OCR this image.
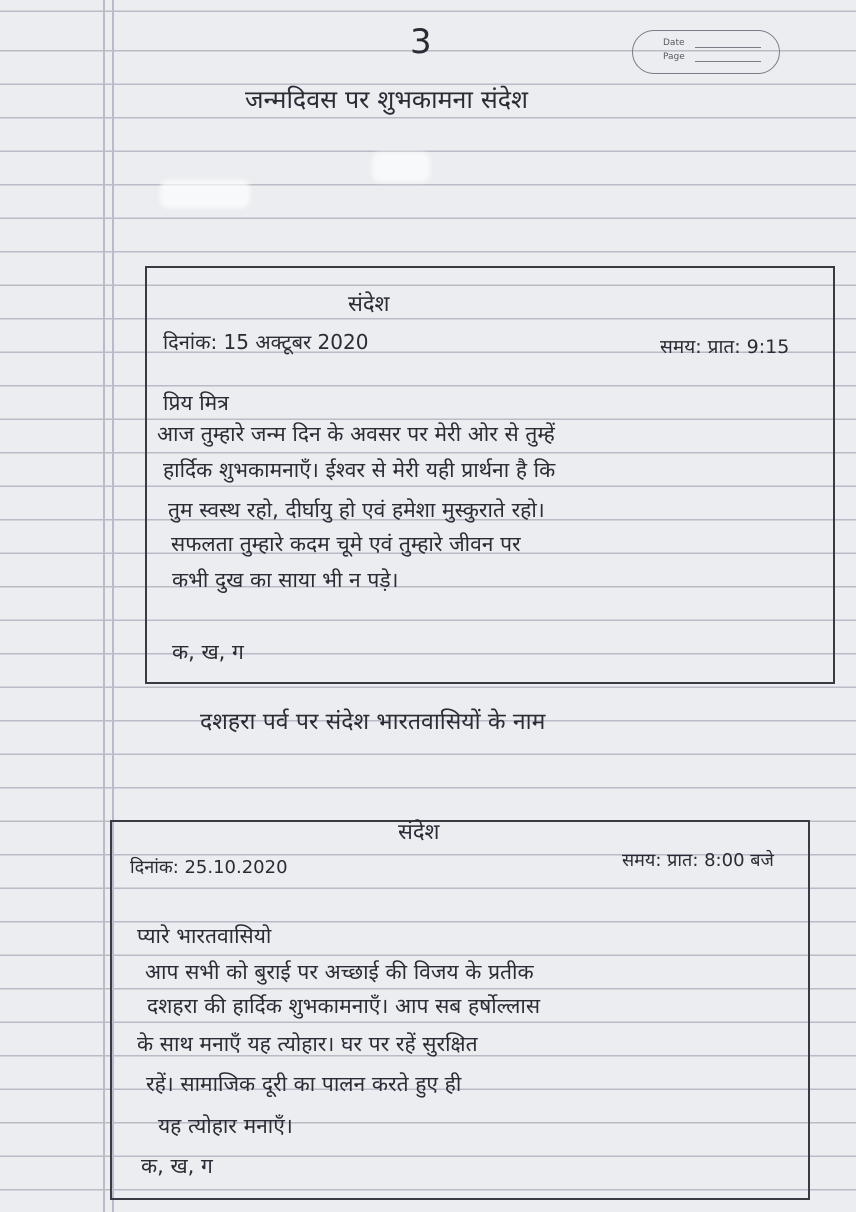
3	Date
Page
जन्मदिवस पर शुभकामना संदेश
संदेश
दिनांक: 15 अक्टूबर 2020	समय: प्रात: 9:15
प्रिय मित्र
आज तुम्हारे जन्म दिन के अवसर पर मेरी ओर से तुम्हें
हार्दिक शुभकामनाएँ। ईश्वर से मेरी यही प्रार्थना है कि
तुम स्वस्थ रहो, दीर्घायु हो एवं हमेशा मुस्कुराते रहो।
सफलता तुम्हारे कदम चूमे एवं तुम्हारे जीवन पर
कभी दुख का साया भी न पड़े।
क, ख, ग
दशहरा पर्व पर संदेश भारतवासियों के नाम
संदेश
दिनांक: 25.10.2020	समय: प्रात: 8:00 बजे
प्यारे भारतवासियो
आप सभी को बुराई पर अच्छाई की विजय के प्रतीक
दशहरा की हार्दिक शुभकामनाएँ। आप सब हर्षोल्लास
के साथ मनाएँ यह त्योहार। घर पर रहें सुरक्षित
रहें। सामाजिक दूरी का पालन करते हुए ही
यह त्योहार मनाएँ।
क, ख, ग
